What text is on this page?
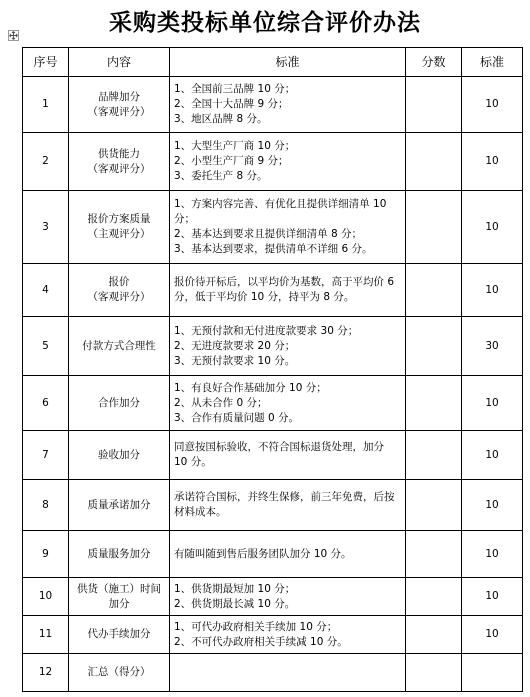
采购类投标单位综合评价办法
序号	内容	标准	分数	标准
1	品牌加分
（客观评分）	1、全国前三品牌 10 分；
2、全国十大品牌 9 分；
3、地区品牌 8 分。		10
2	供货能力
（客观评分）	1、大型生产厂商 10 分；
2、小型生产厂商 9 分；
3、委托生产 8 分。		10
3	报价方案质量
（主观评分）	1、方案内容完善、有优化且提供详细清单 10 分；
2、基本达到要求且提供详细清单 8 分；
3、基本达到要求，提供清单不详细 6 分。		10
4	报价
（客观评分）	报价待开标后，以平均价为基数，高于平均价 6 分，低于平均价 10 分，持平为 8 分。		10
5	付款方式合理性	1、无预付款和无付进度款要求 30 分；
2、无进度款要求 20 分；
3、无预付款要求 10 分。		30
6	合作加分	1、有良好合作基础加分 10 分；
2、从未合作 0 分；
3、合作有质量问题 0 分。		10
7	验收加分	同意按国标验收，不符合国标退货处理，加分 10 分。		10
8	质量承诺加分	承诺符合国标，并终生保修，前三年免费，后按材料成本。		10
9	质量服务加分	有随叫随到售后服务团队加分 10 分。		10
10	供货（施工）时间
加分	1、供货期最短加 10 分；
2、供货期最长减 10 分。		10
11	代办手续加分	1、可代办政府相关手续加 10 分；
2、不可代办政府相关手续减 10 分。		10
12	汇总（得分）			
